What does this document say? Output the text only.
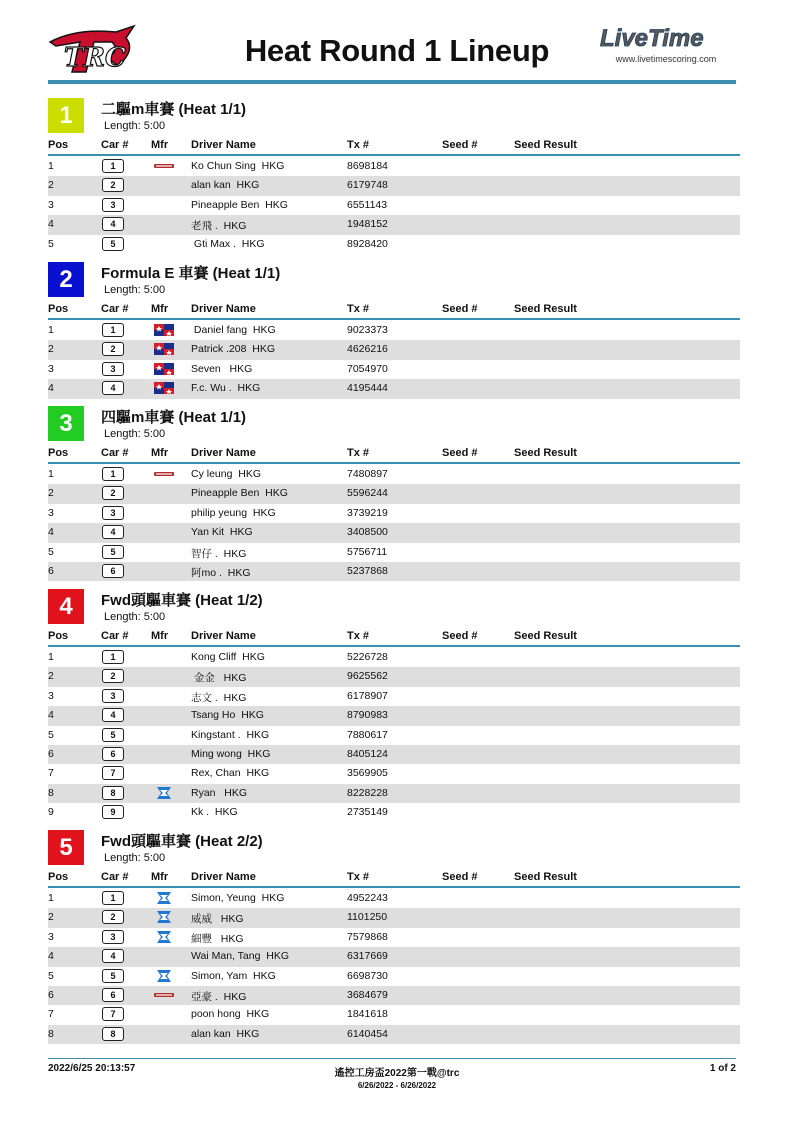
TRC	Heat Round 1 Lineup	LiveTime
www.livetimescoring.com
1	二驅m車賽 (Heat 1/1)
Length: 5:00
Pos	Car # Mfr Driver Name	Tx #	Seed #	Seed Result
1	1	Ko Chun Sing  HKG	8698184
2	2	alan kan  HKG	6179748
3	3	Pineapple Ben  HKG	6551143
4	4	老飛 .  HKG	1948152
5	5	Gti Max .  HKG	8928420
2	Formula E 車賽 (Heat 1/1)
Length: 5:00
Pos	Car # Mfr Driver Name	Tx #	Seed #	Seed Result
1	1	Daniel fang  HKG	9023373
2	2	Patrick .208  HKG	4626216
3	3	Seven   HKG	7054970
4	4	F.c. Wu .  HKG	4195444
3	四驅m車賽 (Heat 1/1)
Length: 5:00
Pos	Car # Mfr Driver Name	Tx #	Seed #	Seed Result
1	1	Cy leung  HKG	7480897
2	2	Pineapple Ben  HKG	5596244
3	3	philip yeung  HKG	3739219
4	4	Yan Kit  HKG	3408500
5	5	智仔 .  HKG	5756711
6	6	阿mo .  HKG	5237868
4	Fwd頭驅車賽 (Heat 1/2)
Length: 5:00
Pos	Car # Mfr Driver Name	Tx #	Seed #	Seed Result
1	1	Kong Cliff  HKG	5226728
2	2	金金   HKG	9625562
3	3	志文 .  HKG	6178907
4	4	Tsang Ho  HKG	8790983
5	5	Kingstant .  HKG	7880617
6	6	Ming wong  HKG	8405124
7	7	Rex, Chan  HKG	3569905
8	8	Ryan   HKG	8228228
9	9	Kk .  HKG	2735149
5	Fwd頭驅車賽 (Heat 2/2)
Length: 5:00
Pos	Car # Mfr Driver Name	Tx #	Seed #	Seed Result
1	1	Simon, Yeung  HKG	4952243
2	2	威威   HKG	1101250
3	3	細豐   HKG	7579868
4	4	Wai Man, Tang  HKG	6317669
5	5	Simon, Yam  HKG	6698730
6	6	亞豪 .  HKG	3684679
7	7	poon hong  HKG	1841618
8	8	alan kan  HKG	6140454
2022/6/25 20:13:57	遙控工房盃2022第一戰@trc
6/26/2022 - 6/26/2022
1 of 2
